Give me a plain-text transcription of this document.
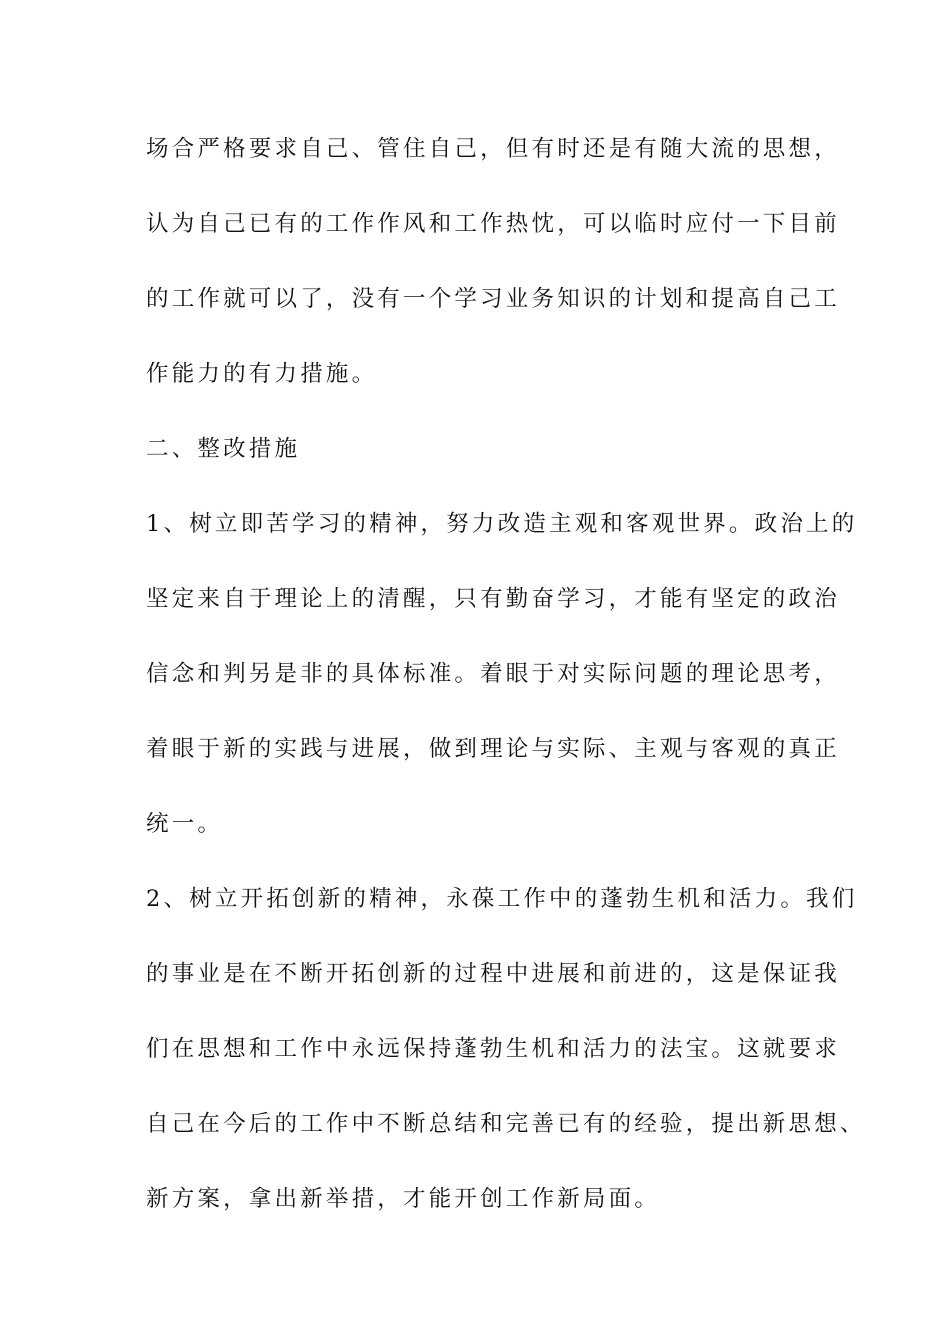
场合严格要求自己、管住自己，但有时还是有随大流的思想，
认为自己已有的工作作风和工作热忱，可以临时应付一下目前
的工作就可以了，没有一个学习业务知识的计划和提高自己工
作能力的有力措施。
二、整改措施
1、树立即苦学习的精神，努力改造主观和客观世界。政治上的
坚定来自于理论上的清醒，只有勤奋学习，才能有坚定的政治
信念和判另是非的具体标准。着眼于对实际问题的理论思考，
着眼于新的实践与进展，做到理论与实际、主观与客观的真正
统一。
2、树立开拓创新的精神，永葆工作中的蓬勃生机和活力。我们
的事业是在不断开拓创新的过程中进展和前进的，这是保证我
们在思想和工作中永远保持蓬勃生机和活力的法宝。这就要求
自己在今后的工作中不断总结和完善已有的经验，提出新思想、
新方案，拿出新举措，才能开创工作新局面。
